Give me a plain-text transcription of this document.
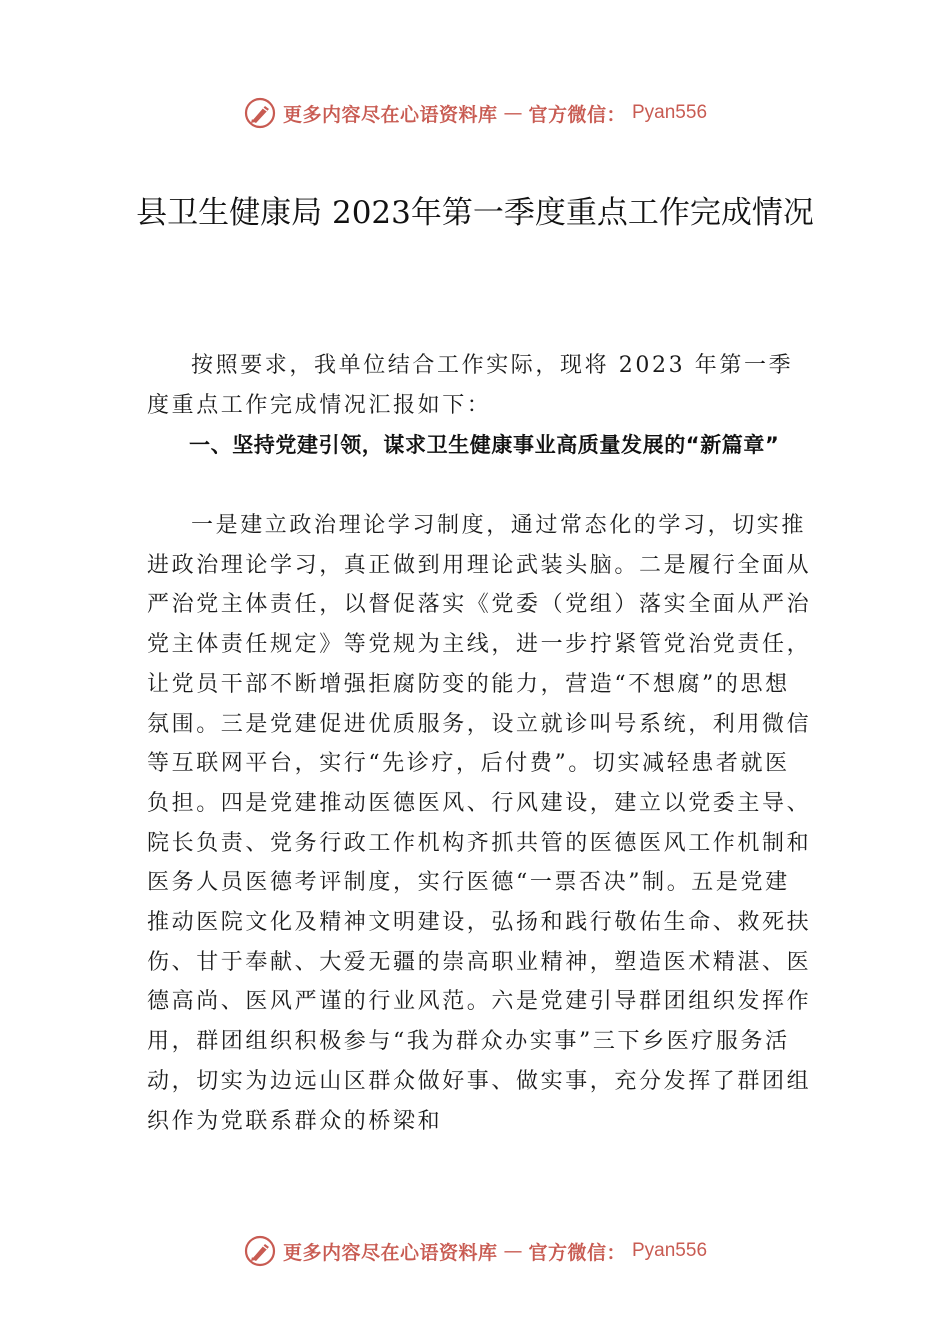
更多内容尽在心语资料库 — 官方微信： Pyan556
县卫生健康局 2023年第一季度重点工作完成情况
按照要求，我单位结合工作实际，现将 2023 年第一季度重点工作完成情况汇报如下：
一、坚持党建引领，谋求卫生健康事业高质量发展的“新篇章”
一是建立政治理论学习制度，通过常态化的学习，切实推进政治理论学习，真正做到用理论武装头脑。二是履行全面从严治党主体责任，以督促落实《党委（党组）落实全面从严治党主体责任规定》等党规为主线，进一步拧紧管党治党责任，让党员干部不断增强拒腐防变的能力，营造“不想腐”的思想氛围。三是党建促进优质服务，设立就诊叫号系统，利用微信等互联网平台，实行“先诊疗，后付费”。切实减轻患者就医负担。四是党建推动医德医风、行风建设，建立以党委主导、院长负责、党务行政工作机构齐抓共管的医德医风工作机制和医务人员医德考评制度，实行医德“一票否决”制。五是党建推动医院文化及精神文明建设，弘扬和践行敬佑生命、救死扶伤、甘于奉献、大爱无疆的崇高职业精神，塑造医术精湛、医德高尚、医风严谨的行业风范。六是党建引导群团组织发挥作用，群团组织积极参与“我为群众办实事”三下乡医疗服务活动，切实为边远山区群众做好事、做实事，充分发挥了群团组织作为党联系群众的桥梁和
更多内容尽在心语资料库 — 官方微信： Pyan556
